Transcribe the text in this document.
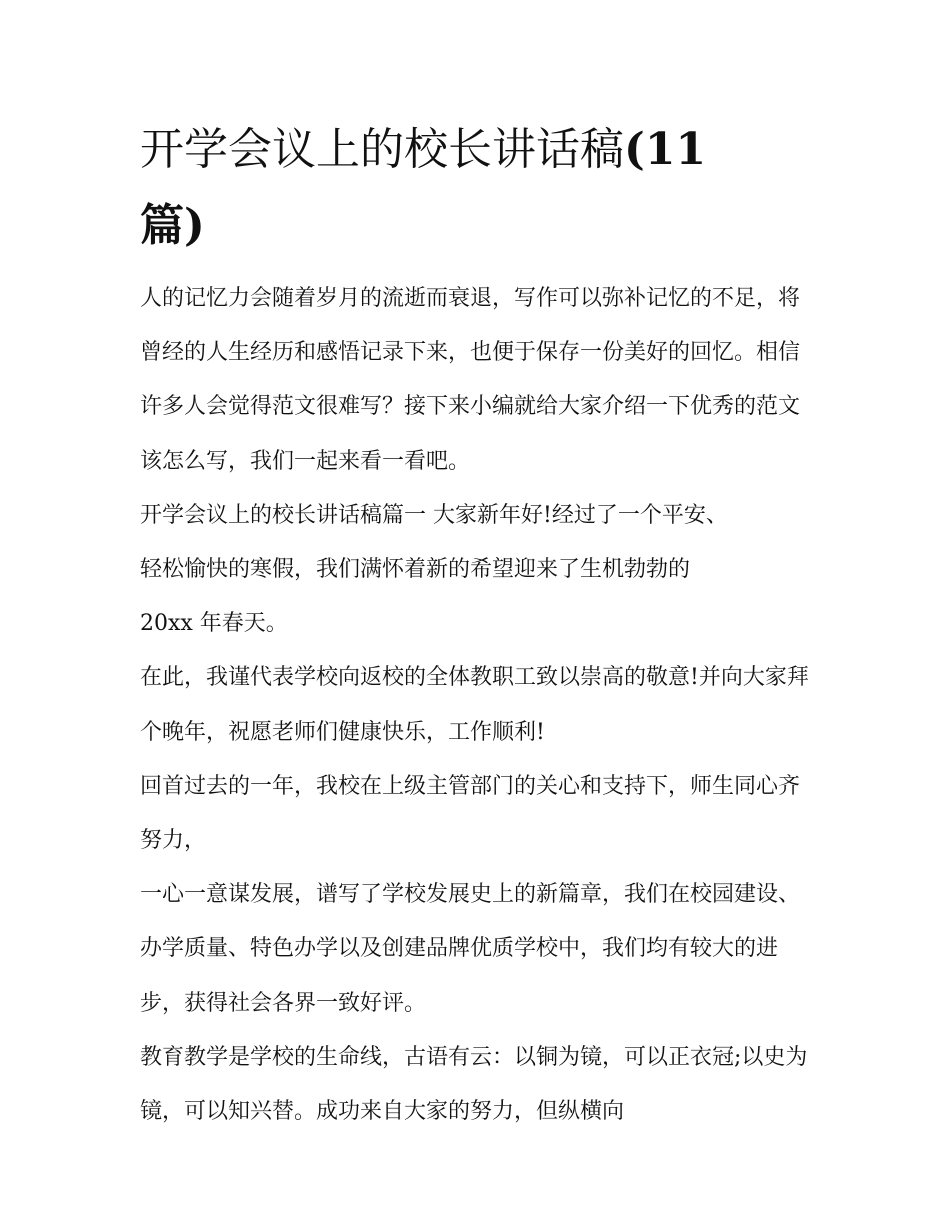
开学会议上的校长讲话稿(11
篇)

人的记忆力会随着岁月的流逝而衰退，写作可以弥补记忆的不足，将曾经的人生经历和感悟记录下来，也便于保存一份美好的回忆。相信许多人会觉得范文很难写？接下来小编就给大家介绍一下优秀的范文该怎么写，我们一起来看一看吧。

开学会议上的校长讲话稿篇一 大家新年好!经过了一个平安、

轻松愉快的寒假，我们满怀着新的希望迎来了生机勃勃的

20xx 年春天。

在此，我谨代表学校向返校的全体教职工致以崇高的敬意!并向大家拜个晚年，祝愿老师们健康快乐，工作顺利!

回首过去的一年，我校在上级主管部门的关心和支持下，师生同心齐努力，

一心一意谋发展，谱写了学校发展史上的新篇章，我们在校园建设、办学质量、特色办学以及创建品牌优质学校中，我们均有较大的进步，获得社会各界一致好评。

教育教学是学校的生命线，古语有云：以铜为镜，可以正衣冠;以史为镜，可以知兴替。成功来自大家的努力，但纵横向
